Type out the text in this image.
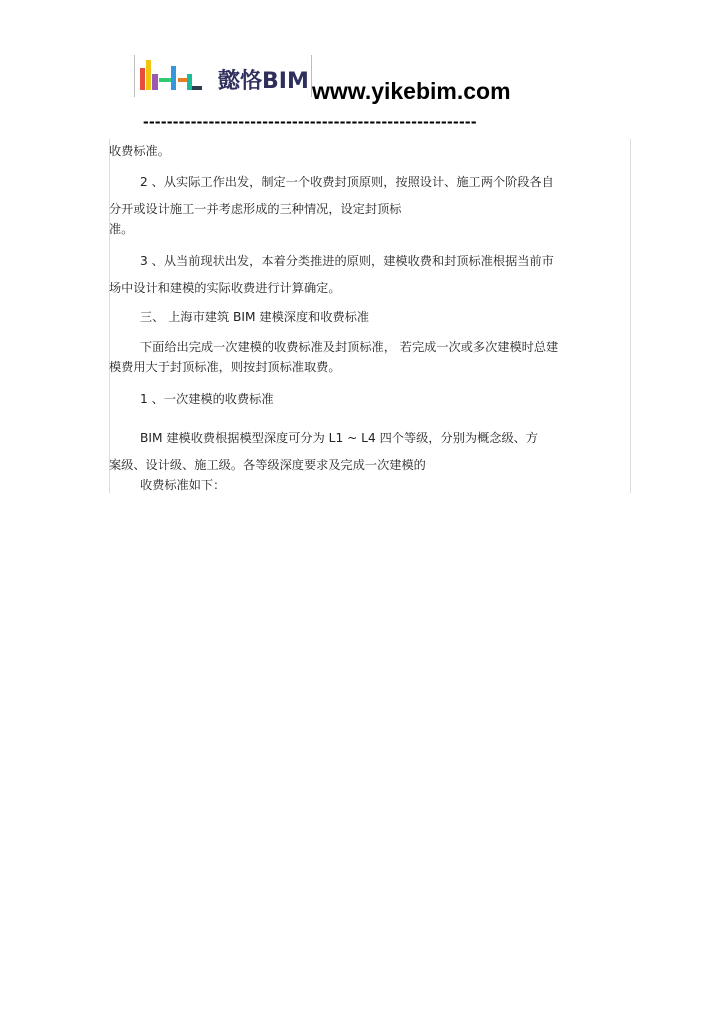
懿恪BIM www.yikebim.com
--------------------------------------------------------
收费标准。
2 、从实际工作出发，制定一个收费封顶原则，按照设计、施工两个阶段各自
分开或设计施工一并考虑形成的三种情况，设定封顶标
准。
3 、从当前现状出发，本着分类推进的原则，建模收费和封顶标准根据当前市
场中设计和建模的实际收费进行计算确定。
三、 上海市建筑 BIM 建模深度和收费标准
下面给出完成一次建模的收费标准及封顶标准， 若完成一次或多次建模时总建
模费用大于封顶标准，则按封顶标准取费。
1 、一次建模的收费标准
BIM 建模收费根据模型深度可分为 L1 ~ L4 四个等级，分别为概念级、方
案级、设计级、施工级。各等级深度要求及完成一次建模的
收费标准如下：
